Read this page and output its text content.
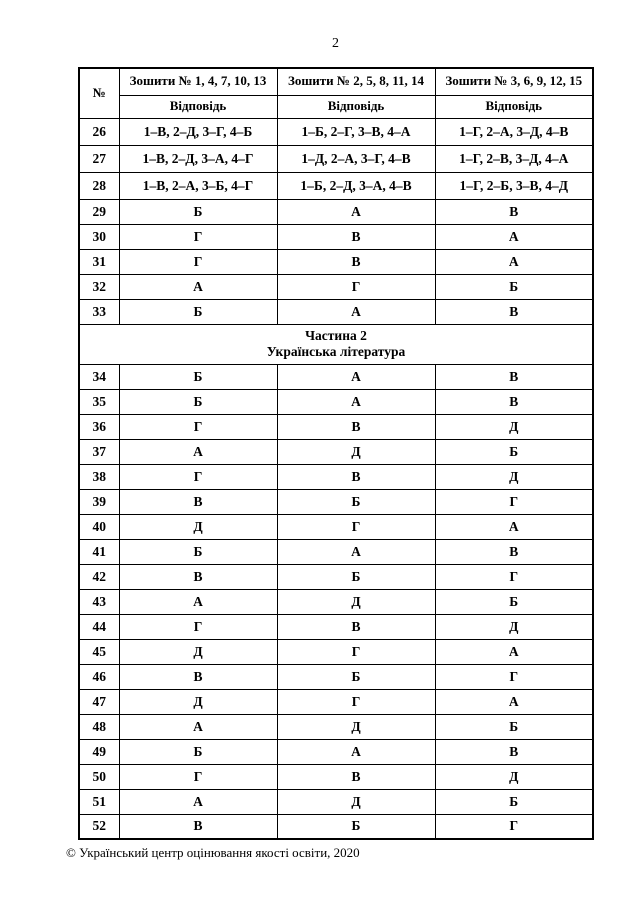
2
№	Зошити № 1, 4, 7, 10, 13	Зошити № 2, 5, 8, 11, 14	Зошити № 3, 6, 9, 12, 15
	Відповідь	Відповідь	Відповідь
26	1–В, 2–Д, 3–Г, 4–Б	1–Б, 2–Г, 3–В, 4–А	1–Г, 2–А, 3–Д, 4–В
27	1–В, 2–Д, 3–А, 4–Г	1–Д, 2–А, 3–Г, 4–В	1–Г, 2–В, 3–Д, 4–А
28	1–В, 2–А, 3–Б, 4–Г	1–Б, 2–Д, 3–А, 4–В	1–Г, 2–Б, 3–В, 4–Д
29	Б	А	В
30	Г	В	А
31	Г	В	А
32	А	Г	Б
33	Б	А	В

Частина 2
Українська література			

34	Б	А	В
35	Б	А	В
36	Г	В	Д
37	А	Д	Б
38	Г	В	Д
39	В	Б	Г
40	Д	Г	А
41	Б	А	В
42	В	Б	Г
43	А	Д	Б
44	Г	В	Д
45	Д	Г	А
46	В	Б	Г
47	Д	Г	А
48	А	Д	Б
49	Б	А	В
50	Г	В	Д
51	А	Д	Б
52	В	Б	Г
© Український центр оцінювання якості освіти, 2020
